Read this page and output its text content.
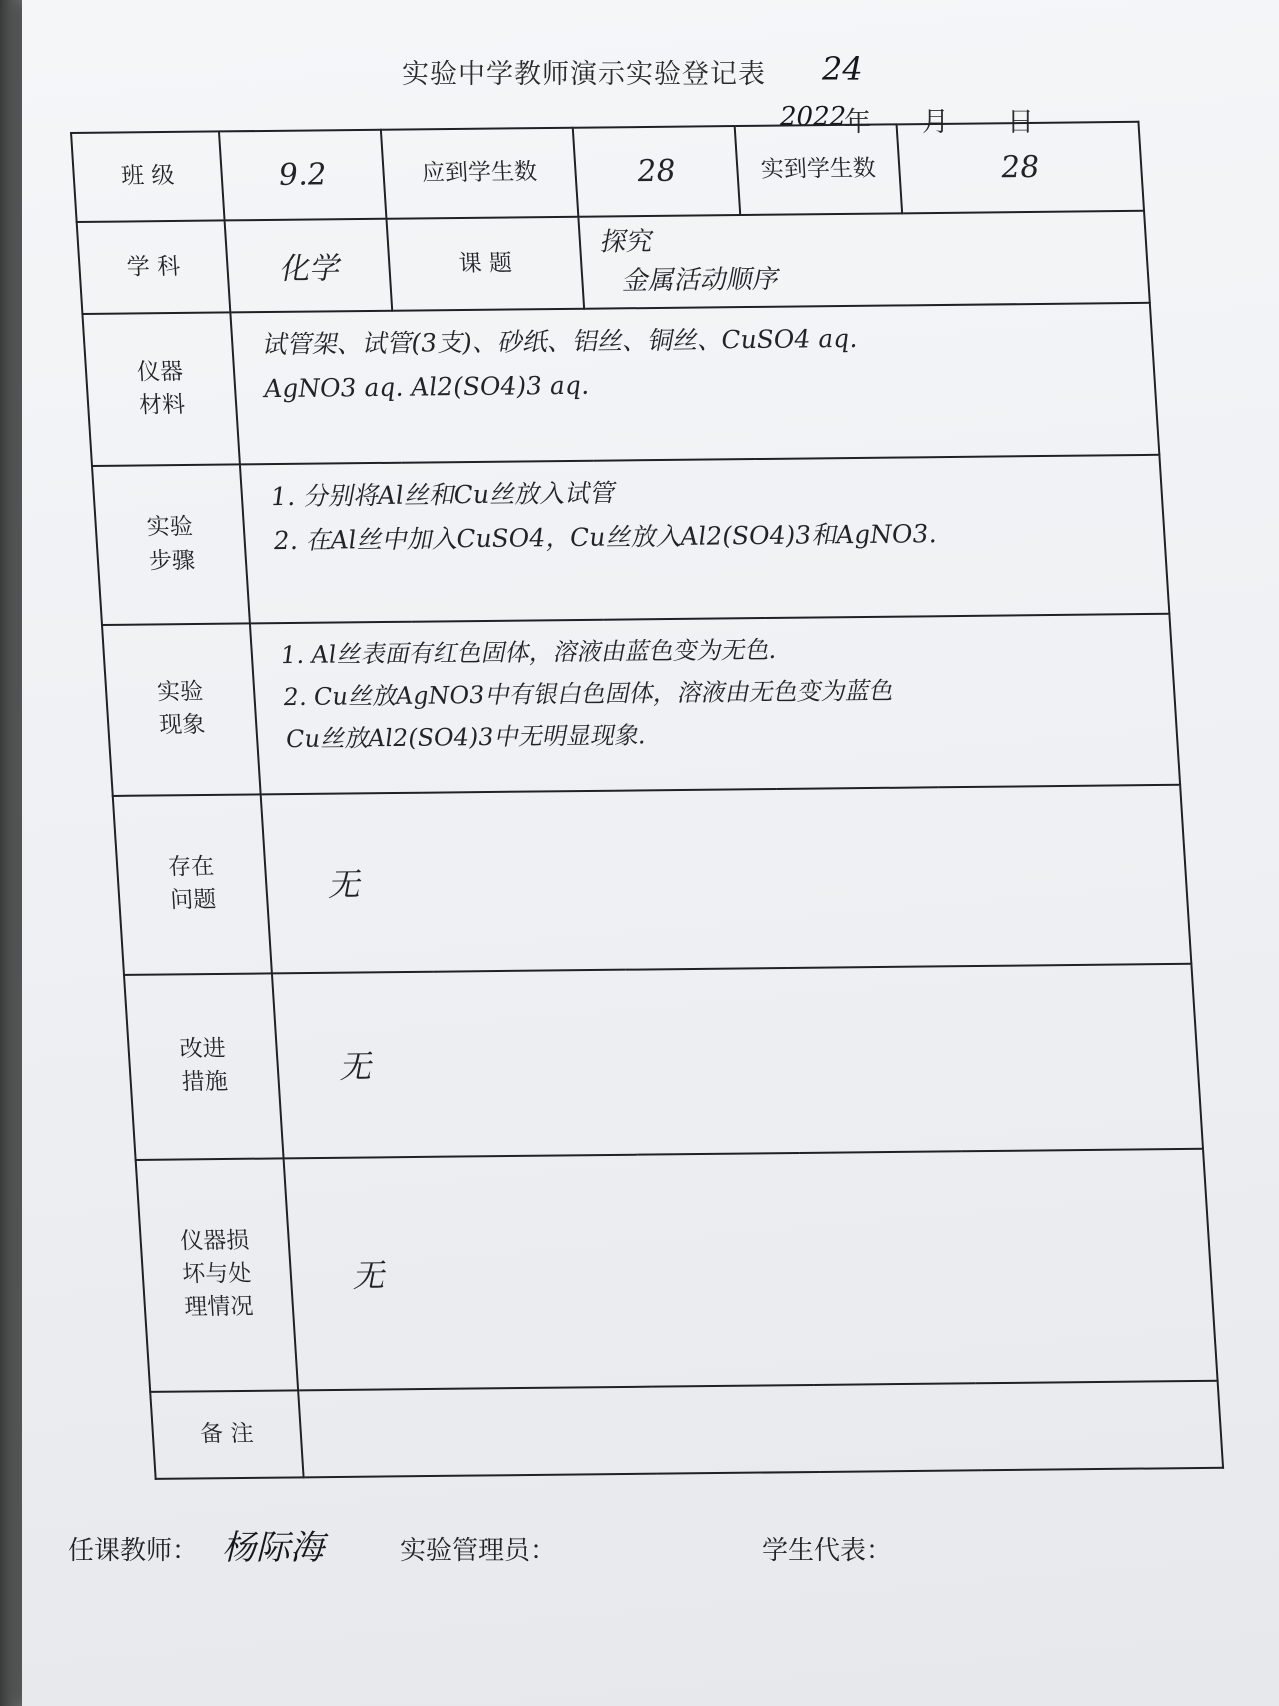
实验中学教师演示实验登记表 24
2022
年 月 日
班 级	9.2	应到学生数	28	实到学生数	28
学 科	化学	课 题	探究
金属活动顺序		

仪器
材料	试管架、试管(3支)、砂纸、铝丝、铜丝、CuSO4 aq.
AgNO3 aq. Al2(SO4)3 aq.				

实验
步骤	1. 分别将Al丝和Cu丝放入试管
2. 在Al丝中加入CuSO4，Cu丝放入Al2(SO4)3和AgNO3.				

实验
现象	1. Al丝表面有红色固体，溶液由蓝色变为无色.
2. Cu丝放AgNO3中有银白色固体，溶液由无色变为蓝色
Cu丝放Al2(SO4)3中无明显现象.				

存在
问题	无				

改进
措施	无				

仪器损
坏与处
理情况	无				
备 注					
任课教师： 杨际海	实验管理员：	学生代表：
